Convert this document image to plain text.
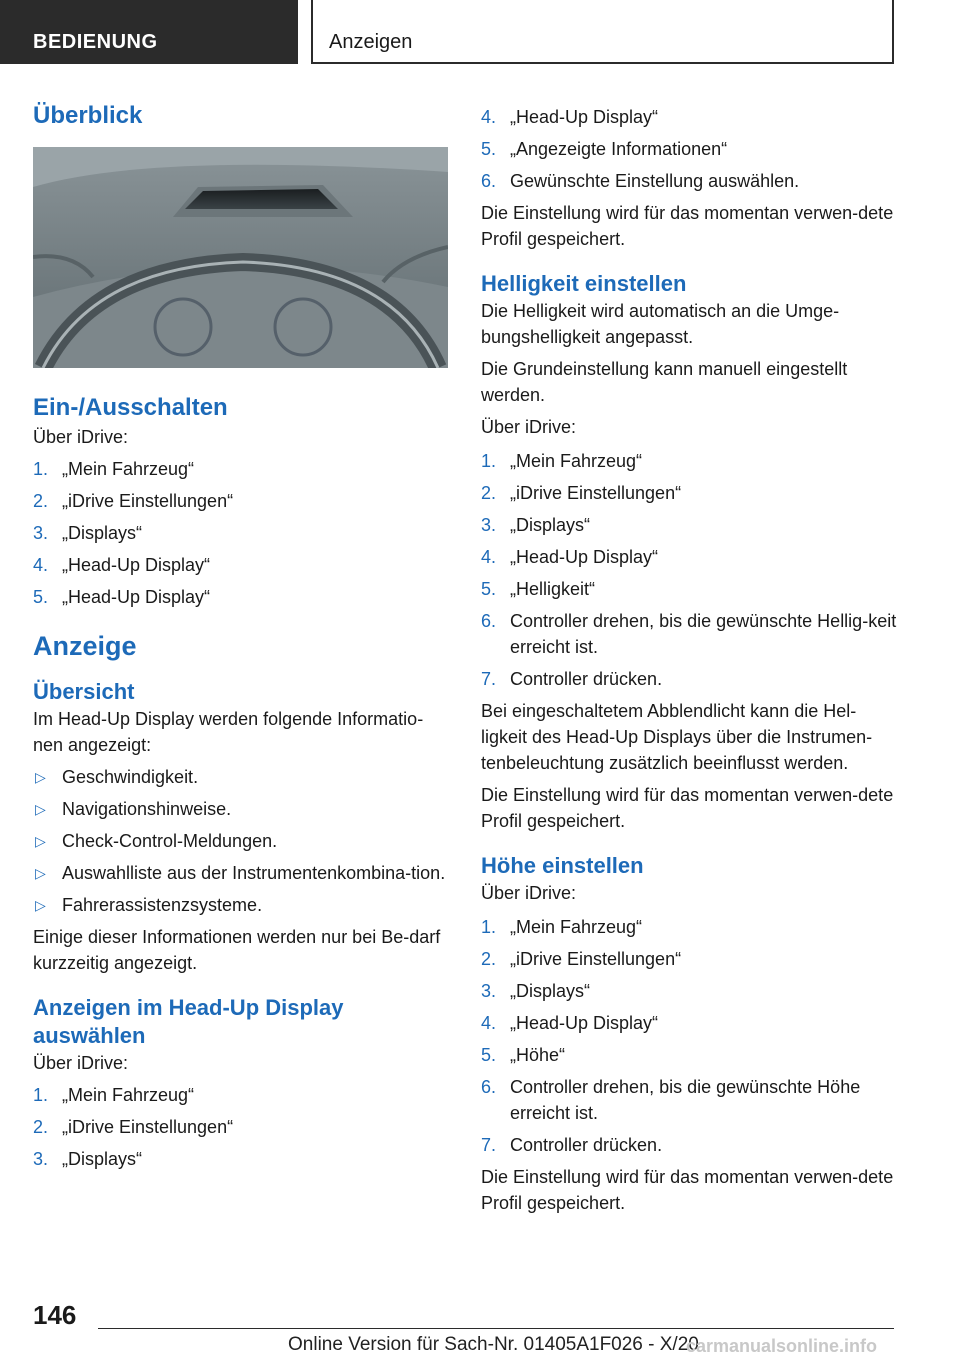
BEDIENUNG	Anzeigen
Überblick
Ein-/Ausschalten

Über iDrive:

1. „Mein Fahrzeug“
2. „iDrive Einstellungen“
3. „Displays“
4. „Head-Up Display“
5. „Head-Up Display“
Anzeige
Übersicht

Im Head-Up Display werden folgende Informatio-nen angezeigt:

▷ Geschwindigkeit.
▷ Navigationshinweise.
▷ Check-Control-Meldungen.
▷ Auswahlliste aus der Instrumentenkombina-tion.
▷ Fahrerassistenzsysteme.

Einige dieser Informationen werden nur bei Be-darf kurzzeitig angezeigt.

Anzeigen im Head-Up Display auswählen

Über iDrive:

1. „Mein Fahrzeug“
2. „iDrive Einstellungen“
3. „Displays“
4. „Head-Up Display“
5. „Angezeigte Informationen“
6. Gewünschte Einstellung auswählen.

Die Einstellung wird für das momentan verwen-dete Profil gespeichert.

Helligkeit einstellen

Die Helligkeit wird automatisch an die Umge-bungshelligkeit angepasst.

Die Grundeinstellung kann manuell eingestellt werden.

Über iDrive:

1. „Mein Fahrzeug“
2. „iDrive Einstellungen“
3. „Displays“
4. „Head-Up Display“
5. „Helligkeit“
6. Controller drehen, bis die gewünschte Hellig-keit erreicht ist.
7. Controller drücken.

Bei eingeschaltetem Abblendlicht kann die Hel-ligkeit des Head-Up Displays über die Instrumen-tenbeleuchtung zusätzlich beeinflusst werden.

Die Einstellung wird für das momentan verwen-dete Profil gespeichert.

Höhe einstellen

Über iDrive:

1. „Mein Fahrzeug“
2. „iDrive Einstellungen“
3. „Displays“
4. „Head-Up Display“
5. „Höhe“
6. Controller drehen, bis die gewünschte Höhe erreicht ist.
7. Controller drücken.

Die Einstellung wird für das momentan verwen-dete Profil gespeichert.

146
Online Version für Sach-Nr. 01405A1F026 - X/20
carmanualsonline.info
